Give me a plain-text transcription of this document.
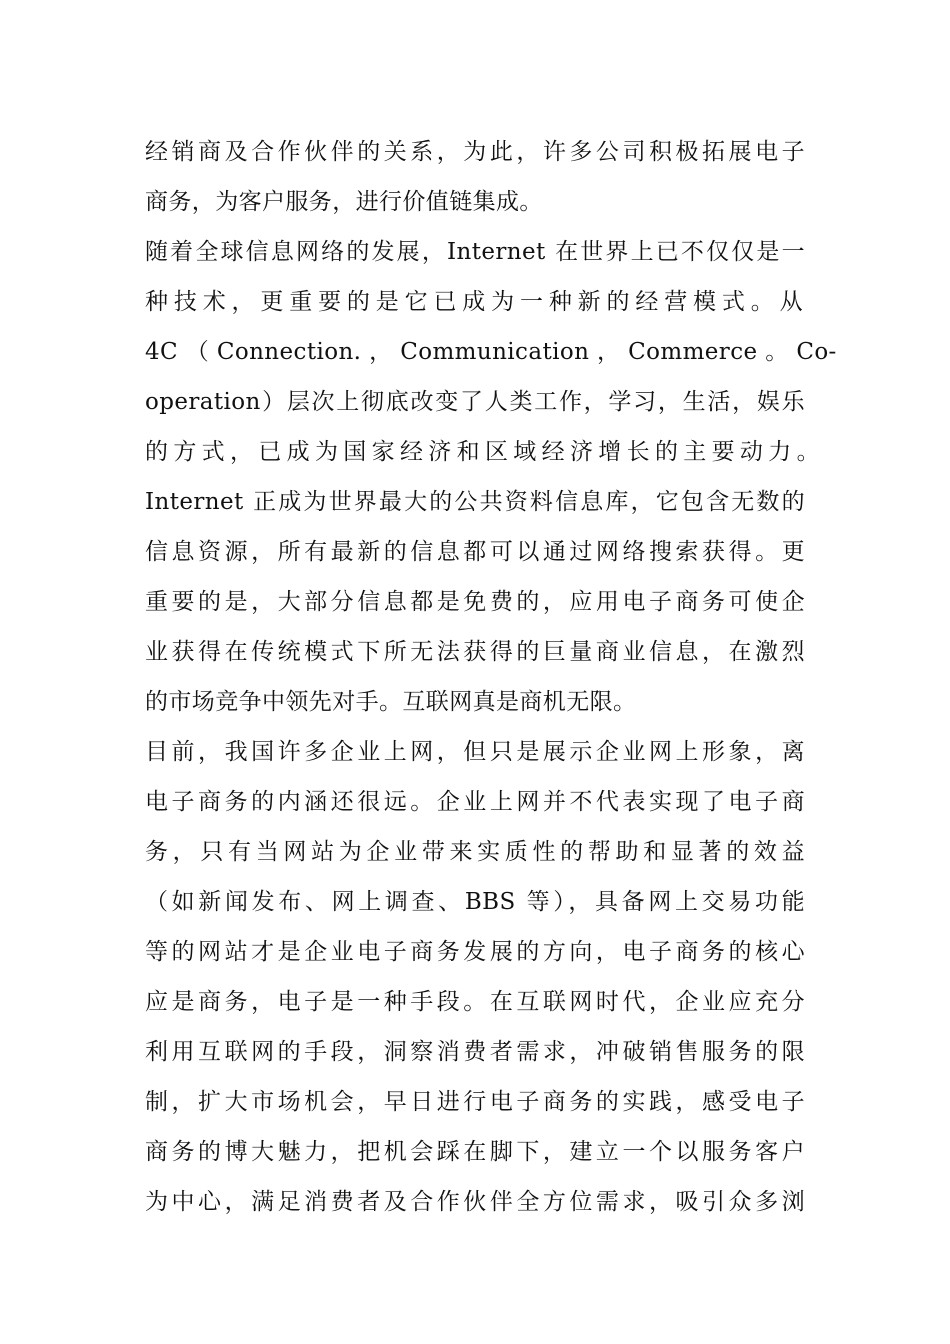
经销商及合作伙伴的关系，为此，许多公司积极拓展电子
商务，为客户服务，进行价值链集成。
随着全球信息网络的发展，Internet 在世界上已不仅仅是一
种技术，更重要的是它已成为一种新的经营模式。从
4C （ Connection. ， Communication ， Commerce 。 Co-
operation）层次上彻底改变了人类工作，学习，生活，娱乐
的方式，已成为国家经济和区域经济增长的主要动力。
Internet 正成为世界最大的公共资料信息库，它包含无数的
信息资源，所有最新的信息都可以通过网络搜索获得。更
重要的是，大部分信息都是免费的，应用电子商务可使企
业获得在传统模式下所无法获得的巨量商业信息，在激烈
的市场竞争中领先对手。互联网真是商机无限。
目前，我国许多企业上网，但只是展示企业网上形象，离
电子商务的内涵还很远。企业上网并不代表实现了电子商
务，只有当网站为企业带来实质性的帮助和显著的效益
（如新闻发布、网上调查、BBS 等），具备网上交易功能
等的网站才是企业电子商务发展的方向，电子商务的核心
应是商务，电子是一种手段。在互联网时代，企业应充分
利用互联网的手段，洞察消费者需求，冲破销售服务的限
制，扩大市场机会，早日进行电子商务的实践，感受电子
商务的博大魅力，把机会踩在脚下，建立一个以服务客户
为中心，满足消费者及合作伙伴全方位需求，吸引众多浏
